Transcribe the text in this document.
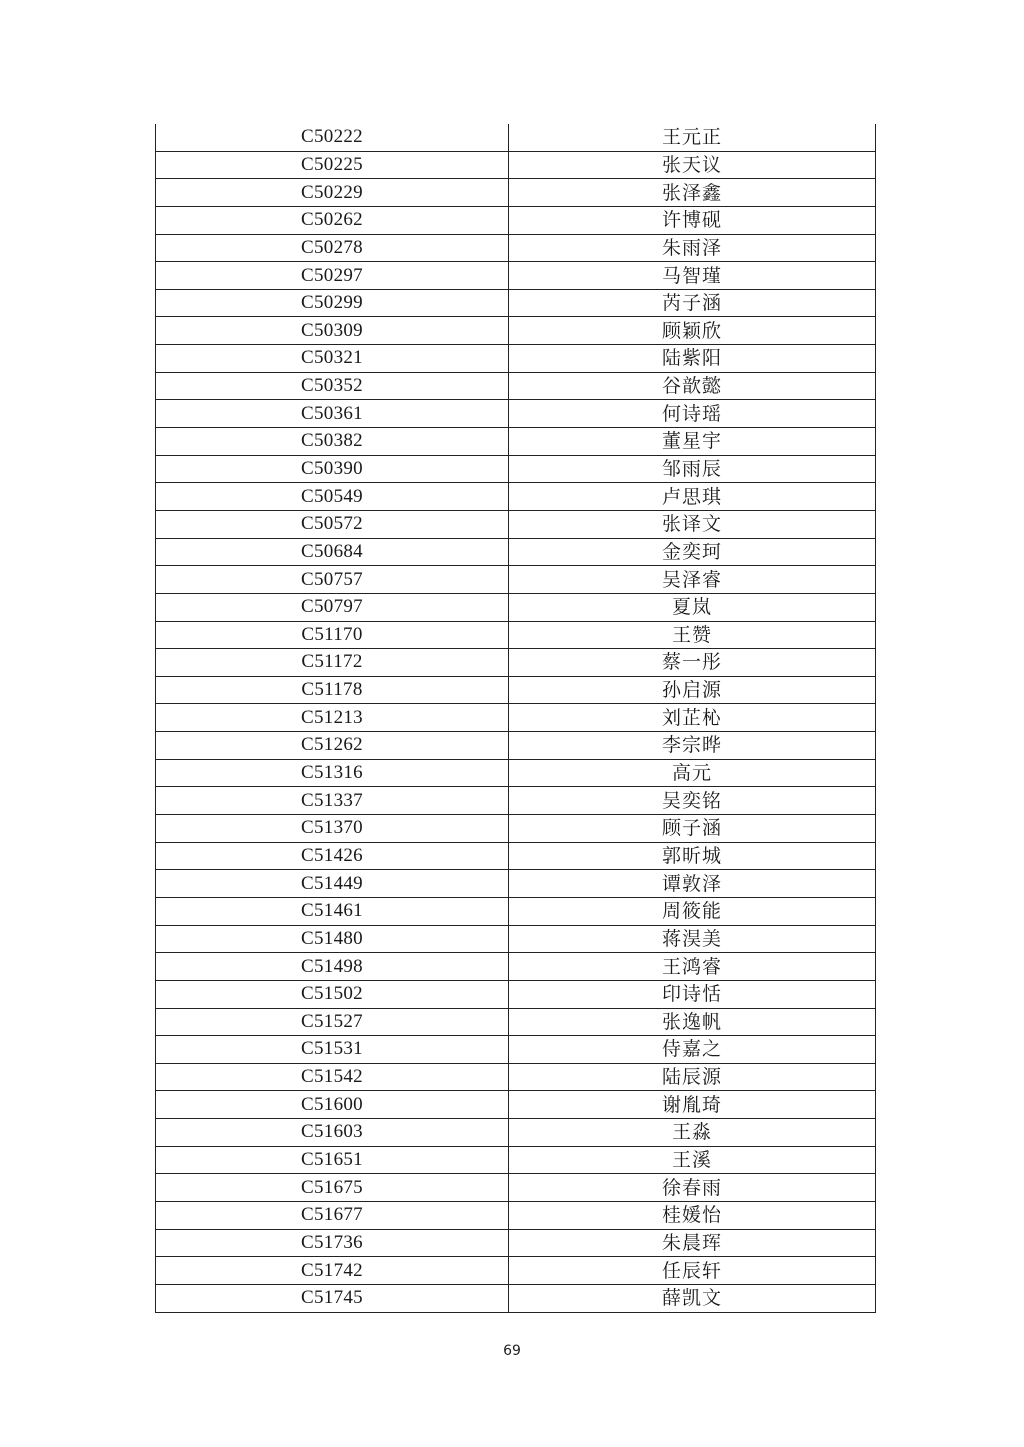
C50222	王元正
C50225	张天议
C50229	张泽鑫
C50262	许博砚
C50278	朱雨泽
C50297	马智瑾
C50299	芮子涵
C50309	顾颖欣
C50321	陆紫阳
C50352	谷歆懿
C50361	何诗瑶
C50382	董星宇
C50390	邹雨辰
C50549	卢思琪
C50572	张译文
C50684	金奕珂
C50757	吴泽睿
C50797	夏岚
C51170	王赞
C51172	蔡一彤
C51178	孙启源
C51213	刘芷杺
C51262	李宗晔
C51316	高元
C51337	吴奕铭
C51370	顾子涵
C51426	郭昕城
C51449	谭敦泽
C51461	周筱能
C51480	蒋淏美
C51498	王鸿睿
C51502	印诗恬
C51527	张逸帆
C51531	侍嘉之
C51542	陆辰源
C51600	谢胤琦
C51603	王淼
C51651	王溪
C51675	徐春雨
C51677	桂媛怡
C51736	朱晨珲
C51742	任辰轩
C51745	薛凯文
69
